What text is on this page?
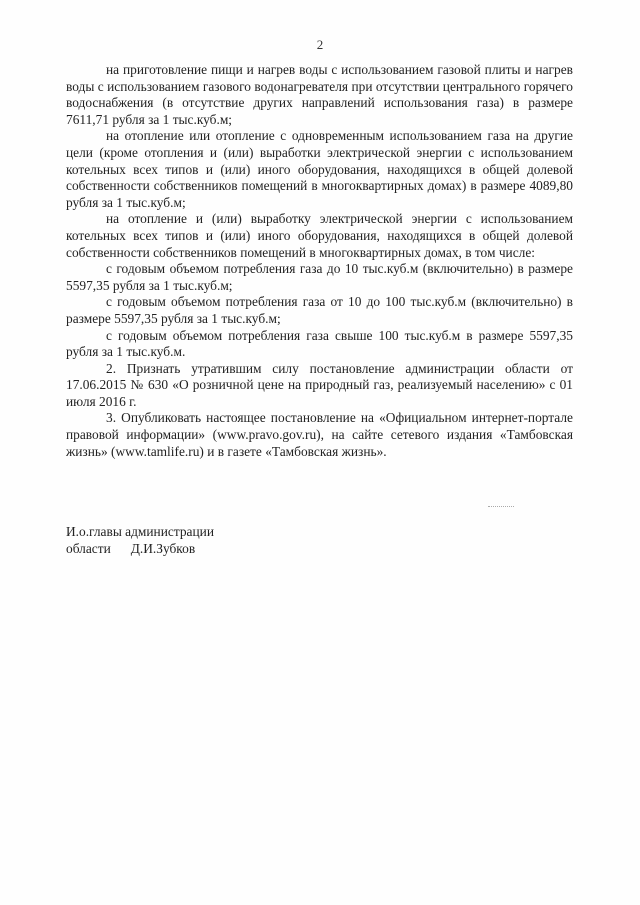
2

на приготовление пищи и нагрев воды с использованием газовой плиты и нагрев воды с использованием газового водонагревателя при отсутствии центрального горячего водоснабжения (в отсутствие других направлений использования газа) в размере 7611,71 рубля за 1 тыс.куб.м;

на отопление или отопление с одновременным использованием газа на другие цели (кроме отопления и (или) выработки электрической энергии с использованием котельных всех типов и (или) иного оборудования, находящихся в общей долевой собственности собственников помещений в многоквартирных домах) в размере 4089,80 рубля за 1 тыс.куб.м;

на отопление и (или) выработку электрической энергии с использованием котельных всех типов и (или) иного оборудования, находящихся в общей долевой собственности собственников помещений в многоквартирных домах, в том числе:

с годовым объемом потребления газа до 10 тыс.куб.м (включительно) в размере 5597,35 рубля за 1 тыс.куб.м;

с годовым объемом потребления газа от 10 до 100 тыс.куб.м (включительно) в размере 5597,35 рубля за 1 тыс.куб.м;

с годовым объемом потребления газа свыше 100 тыс.куб.м в размере 5597,35 рубля за 1 тыс.куб.м.

2. Признать утратившим силу постановление администрации области от 17.06.2015 № 630 «О розничной цене на природный газ, реализуемый населению» с 01 июля 2016 г.

3. Опубликовать настоящее постановление на «Официальном интернет-портале правовой информации» (www.pravo.gov.ru), на сайте сетевого издания «Тамбовская жизнь» (www.tamlife.ru) и в газете «Тамбовская жизнь».

И.о.главы администрации
области Д.И.Зубков
